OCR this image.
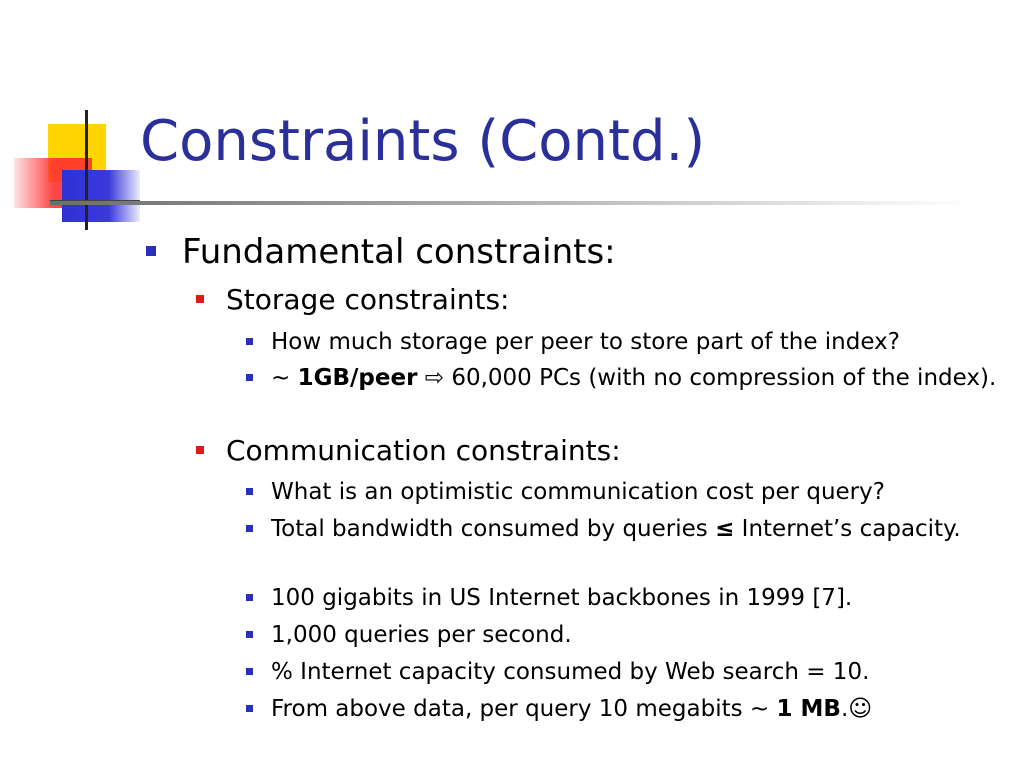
Constraints (Contd.)
Fundamental constraints:
Storage constraints:
How much storage per peer to store part of the index?
~ 1GB/peer ⇨ 60,000 PCs (with no compression of the index).
Communication constraints:
What is an optimistic communication cost per query?
Total bandwidth consumed by queries ≤ Internet’s capacity.
100 gigabits in US Internet backbones in 1999 [7].
1,000 queries per second.
% Internet capacity consumed by Web search = 10.
From above data, per query 10 megabits ~ 1 MB.☺
